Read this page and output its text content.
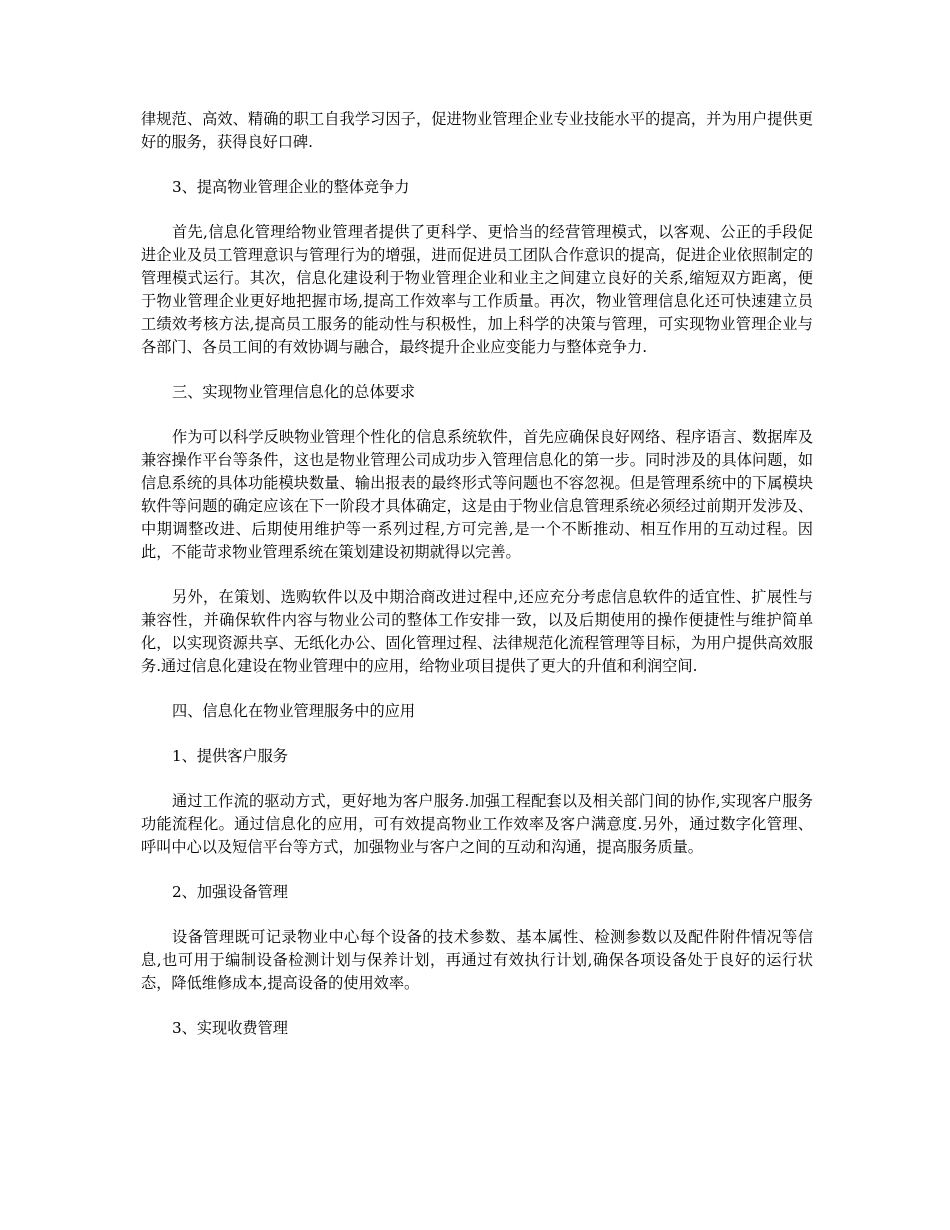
律规范、高效、精确的职工自我学习因子，促进物业管理企业专业技能水平的提高，并为用户提供更好的服务，获得良好口碑.

3、提高物业管理企业的整体竞争力

首先,信息化管理给物业管理者提供了更科学、更恰当的经营管理模式，以客观、公正的手段促进企业及员工管理意识与管理行为的增强，进而促进员工团队合作意识的提高，促进企业依照制定的管理模式运行。其次，信息化建设利于物业管理企业和业主之间建立良好的关系,缩短双方距离，便于物业管理企业更好地把握市场,提高工作效率与工作质量。再次，物业管理信息化还可快速建立员工绩效考核方法,提高员工服务的能动性与积极性，加上科学的决策与管理，可实现物业管理企业与各部门、各员工间的有效协调与融合，最终提升企业应变能力与整体竞争力.

三、实现物业管理信息化的总体要求

作为可以科学反映物业管理个性化的信息系统软件，首先应确保良好网络、程序语言、数据库及兼容操作平台等条件，这也是物业管理公司成功步入管理信息化的第一步。同时涉及的具体问题，如信息系统的具体功能模块数量、输出报表的最终形式等问题也不容忽视。但是管理系统中的下属模块软件等问题的确定应该在下一阶段才具体确定，这是由于物业信息管理系统必须经过前期开发涉及、中期调整改进、后期使用维护等一系列过程,方可完善,是一个不断推动、相互作用的互动过程。因此，不能苛求物业管理系统在策划建设初期就得以完善。

另外，在策划、选购软件以及中期洽商改进过程中,还应充分考虑信息软件的适宜性、扩展性与兼容性，并确保软件内容与物业公司的整体工作安排一致，以及后期使用的操作便捷性与维护简单化，以实现资源共享、无纸化办公、固化管理过程、法律规范化流程管理等目标，为用户提供高效服务.通过信息化建设在物业管理中的应用，给物业项目提供了更大的升值和利润空间.

四、信息化在物业管理服务中的应用

1、提供客户服务

通过工作流的驱动方式，更好地为客户服务.加强工程配套以及相关部门间的协作,实现客户服务功能流程化。通过信息化的应用，可有效提高物业工作效率及客户满意度.另外，通过数字化管理、呼叫中心以及短信平台等方式，加强物业与客户之间的互动和沟通，提高服务质量。

2、加强设备管理

设备管理既可记录物业中心每个设备的技术参数、基本属性、检测参数以及配件附件情况等信息,也可用于编制设备检测计划与保养计划，再通过有效执行计划,确保各项设备处于良好的运行状态，降低维修成本,提高设备的使用效率。

3、实现收费管理
